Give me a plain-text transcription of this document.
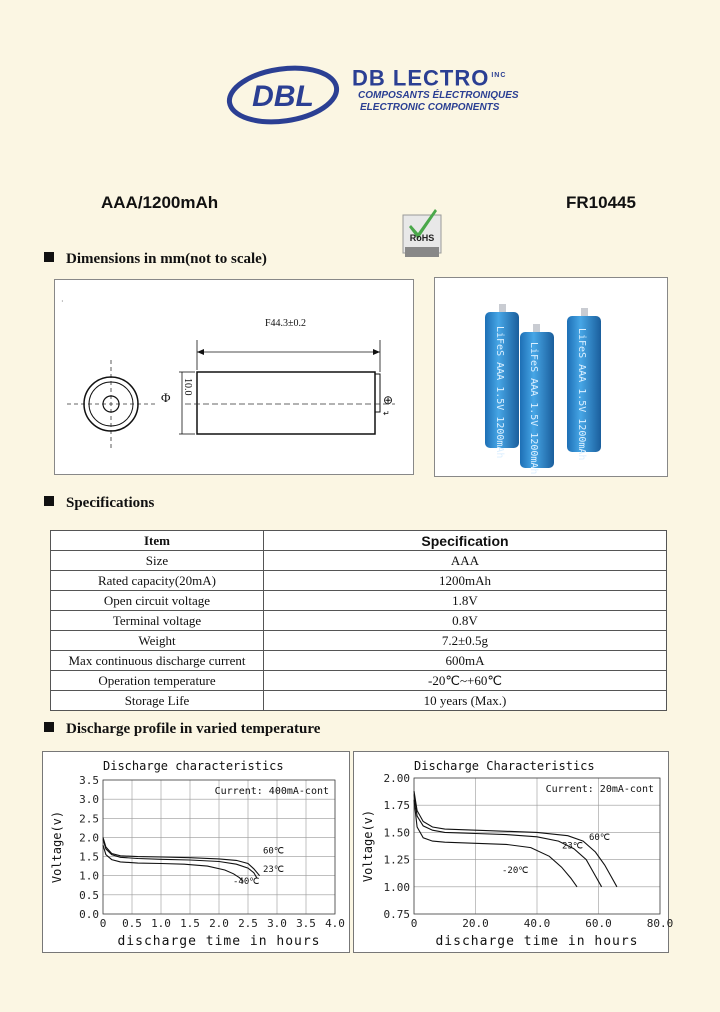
DBL
DB LECTRO $^{INC}$
COMPOSANTS ÉLECTRONIQUES
ELECTRONIC COMPONENTS
AAA/1200mAh	FR10445
RoHS
Dimensions in mm(not to scale)
·
Φ
F44.3±0.2
10.0
⊕
↵	LiFeS AAA 1.5V 1200mAh LiFeS AAA 1.5V 1200mAh	LiFeS AAA 1.5V 1200mAh
Specifications
Item	Specification
Size	AAA
Rated capacity(20mA)	1200mAh
Open circuit voltage	1.8V
Terminal voltage	0.8V
Weight	7.2±0.5g
Max continuous discharge current	600mA
Operation temperature	-20℃~+60℃
Storage Life	10 years (Max.)
Discharge profile in varied temperature
0 0.5 1.0 1.5 2.0 2.5 3.0 3.5 4.0
0.0
0.5
1.0
1.5
2.0
2.5
3.0
3.5
Discharge characteristics
Current: 400mA-cont
discharge time in hours
Voltage(v)	60℃
23℃
-40℃
0	20.0	40.0	60.0	80.0
0.75
1.00
1.25
1.50
1.75
2.00
Discharge Characteristics
Current: 20mA-cont
discharge time in hours
Voltage(v)	60℃
23℃
-20℃
